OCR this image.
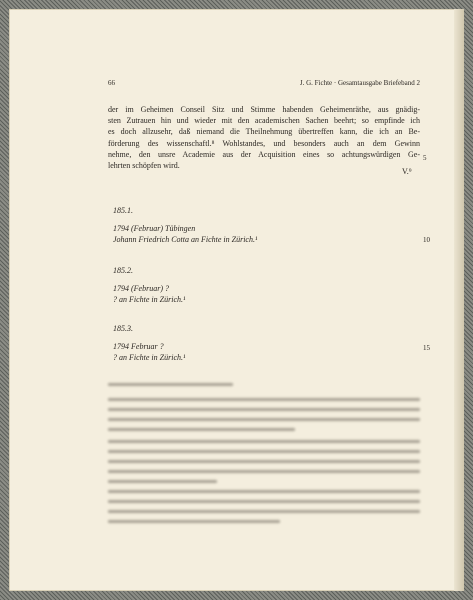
66	J. G. Fichte · Gesamtausgabe Briefeband 2

der im Geheimen Conseil Sitz und Stimme habenden Geheimenräthe, aus gnädig-

sten Zutrauen hin und wieder mit den academischen Sachen beehrt; so empfinde ich

es doch allzusehr, daß niemand die Theilnehmung übertreffen kann, die ich an Be-

förderung des wissenschaftl.⁸ Wohlstandes, und besonders auch an dem Gewinn

nehme, den unsre Academie aus der Acquisition eines so achtungswürdigen Ge-

lehrten schöpfen wird.

5
V.⁹
185.1.
1794 (Februar) Tübingen
Johann Friedrich Cotta an Fichte in Zürich.¹	10
185.2.
1794 (Februar) ?
? an Fichte in Zürich.¹
185.3.
1794 Februar ?
? an Fichte in Zürich.¹
15
